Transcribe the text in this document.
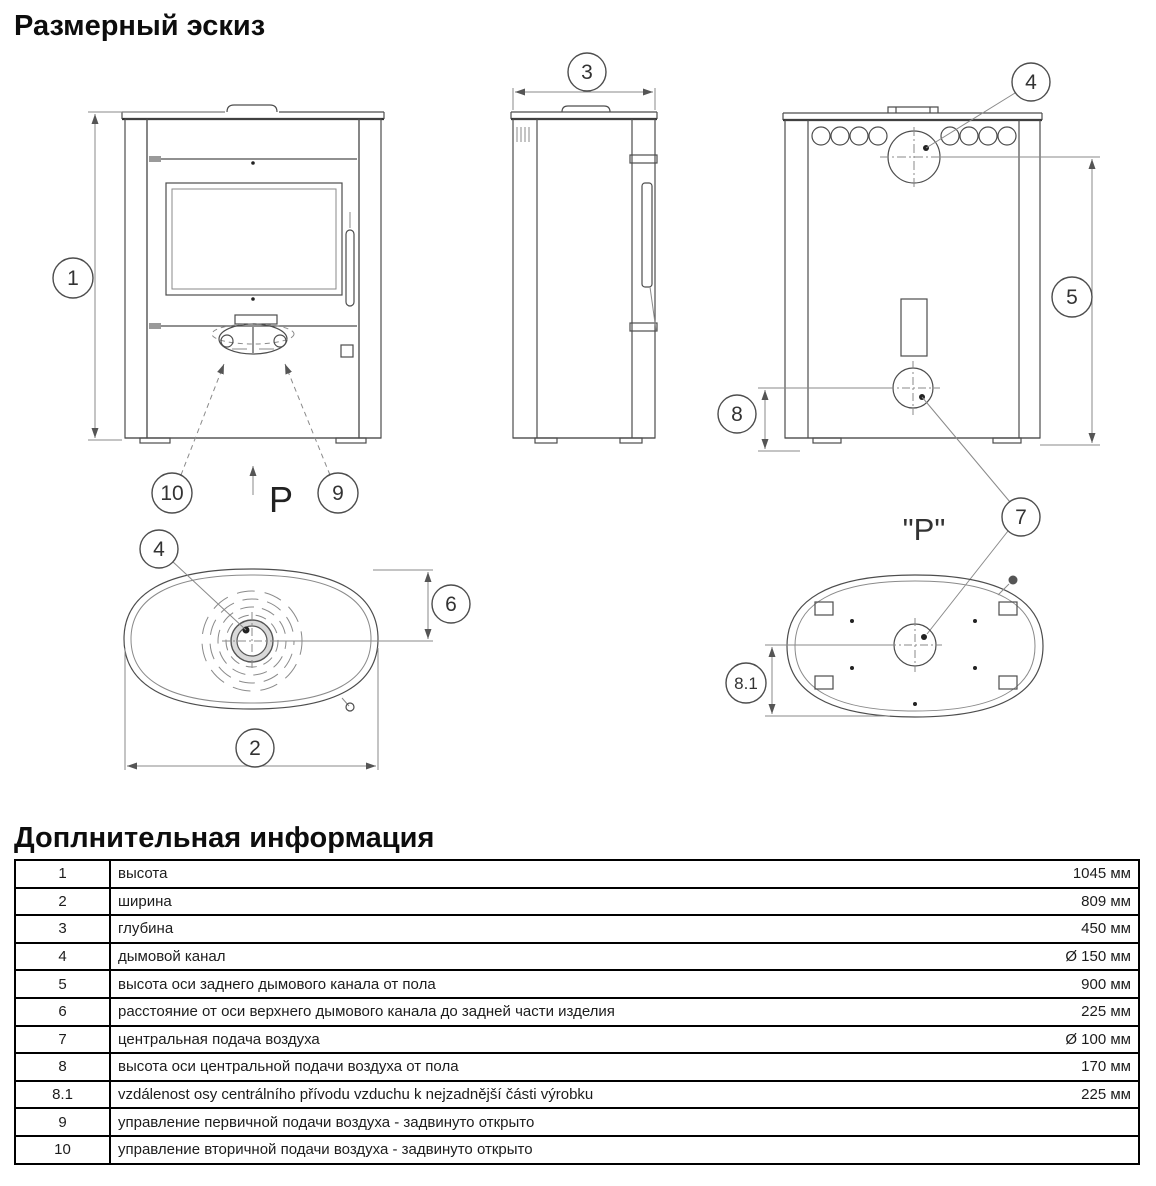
Размерный эскиз
1
10	9
P
3	4
5
8
7
"P"
4
6
2
8.1
Доплнительная информация
1	высота	1045 мм
2	ширина	809 мм
3	глубина	450 мм
4	дымовой канал	Ø 150 мм
5	высота оси заднего дымового канала от пола	900 мм
6	расстояние от оси верхнего дымового канала до задней части изделия	225 мм
7	центральная подача воздуха	Ø 100 мм
8	высота оси центральной подачи воздуха от пола	170 мм
8.1	vzdálenost osy centrálního přívodu vzduchu k nejzadnější části výrobku	225 мм
9	управление первичной подачи воздуха - задвинуто открыто	
10	управление вторичной подачи воздуха - задвинуто открыто	
